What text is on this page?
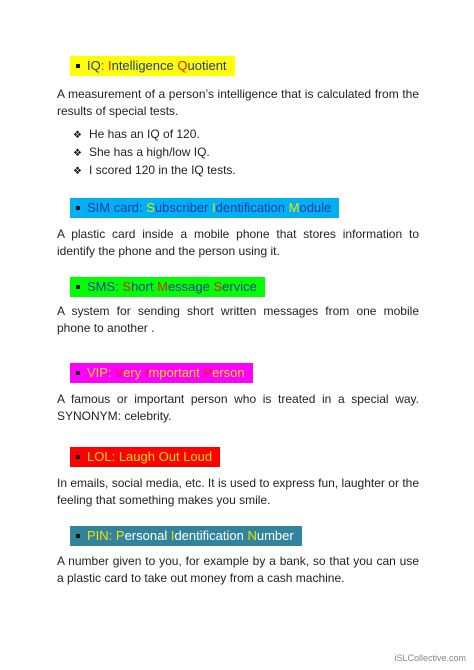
IQ: Intelligence Quotient
A measurement of a person’s intelligence that is calculated from the results of special tests.
❖ He has an IQ of 120.
❖ She has a high/low IQ.
❖ I scored 120 in the IQ tests.
SIM card: Subscriber Identification Module
A plastic card inside a mobile phone that stores information to identify the phone and the person using it.
SMS: Short Message Service
A system for sending short written messages from one mobile phone to another .
VIP: Very Important Person
A famous or important person who is treated in a special way. SYNONYM: celebrity.
LOL: Laugh Out Loud
In emails, social media, etc. It is used to express fun, laughter or the feeling that something makes you smile.
PIN: Personal Identification Number
A number given to you, for example by a bank, so that you can use a plastic card to take out money from a cash machine.
iSLCollective.com
